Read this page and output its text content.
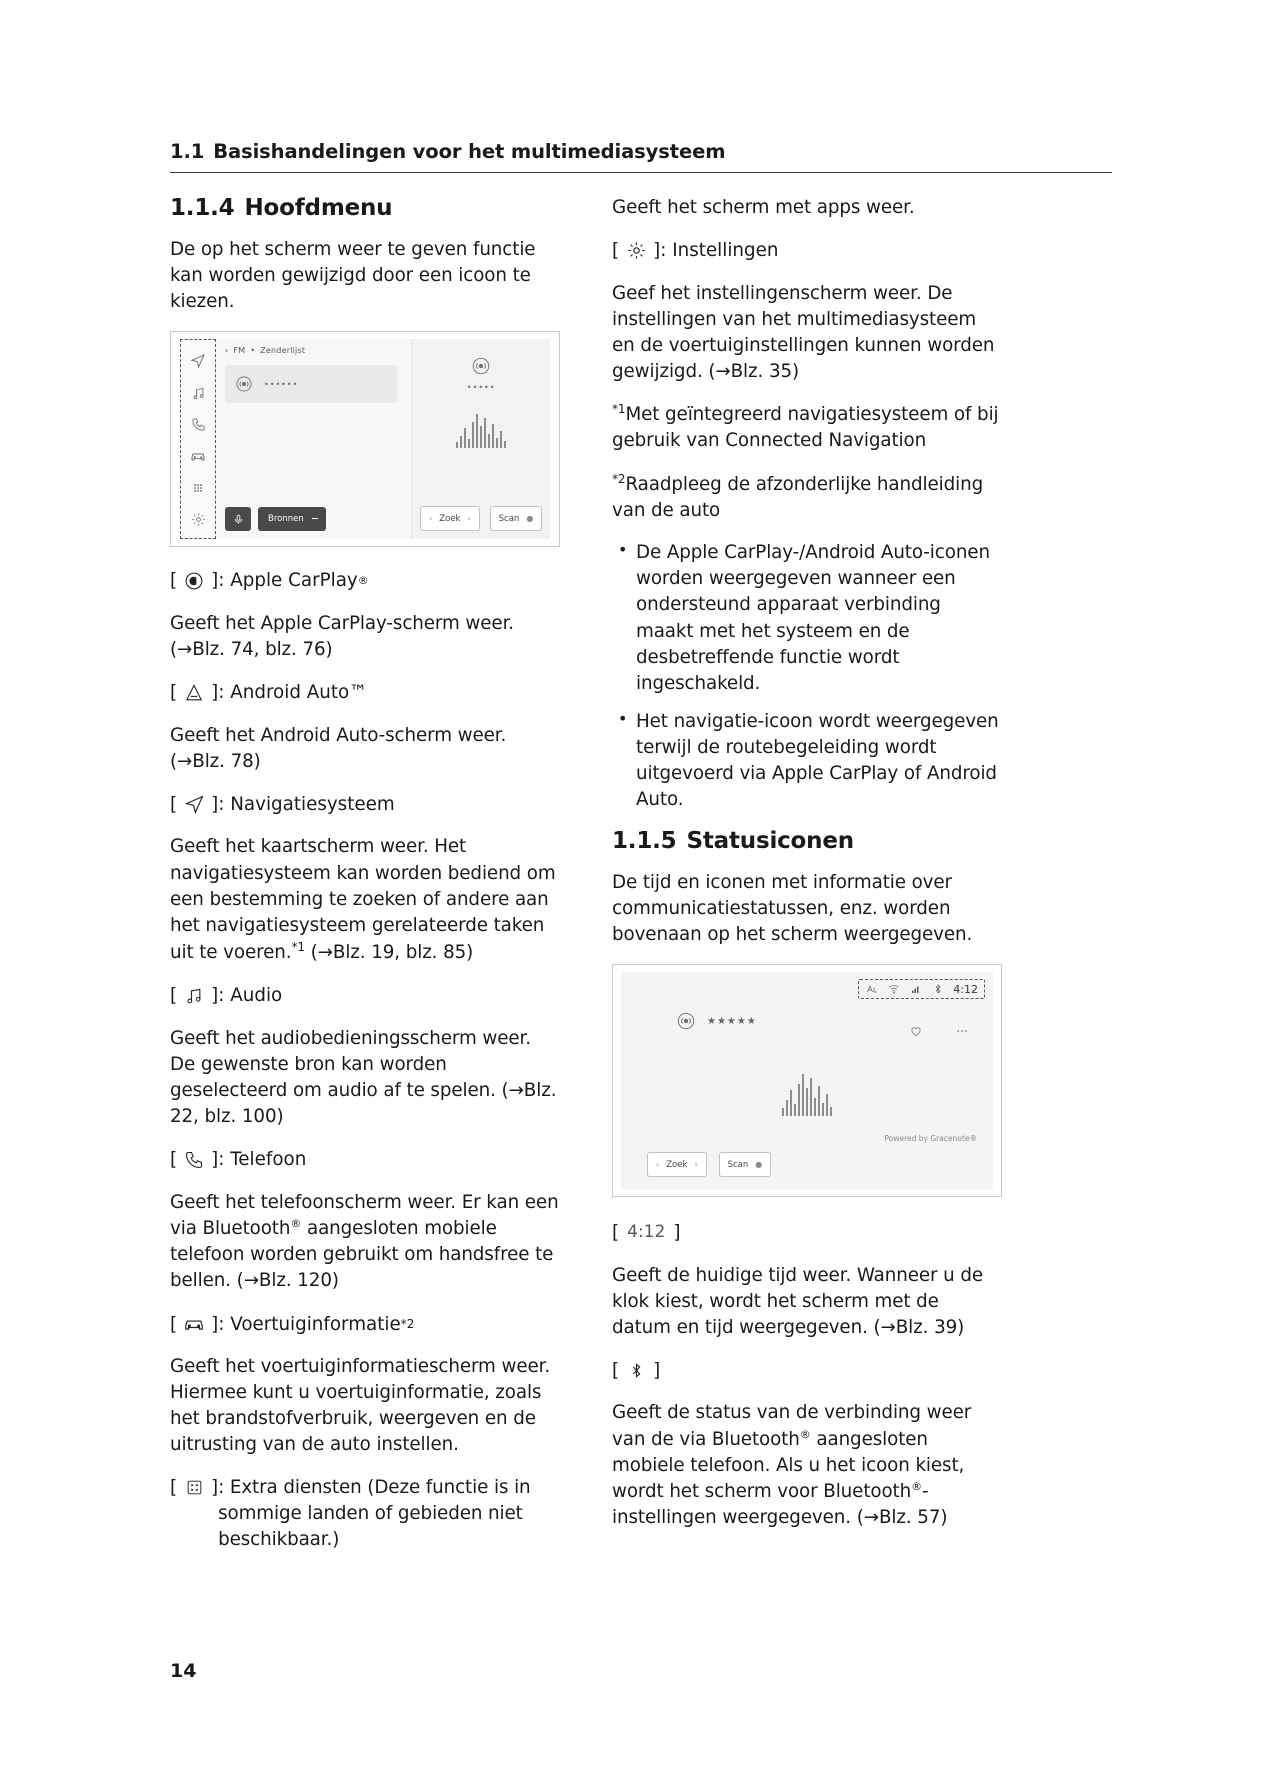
1.1 Basishandelingen voor het multimediasysteem
1.1.4 Hoofdmenu

De op het scherm weer te geven functie kan worden gewijzigd door een icoon te kiezen.

‹ FM • Zenderlijst
••••••
Bronnen
•••••
‹ Zoek ›	Scan ●
[ ] : Apple CarPlay ®

Geeft het Apple CarPlay-scherm weer. (→Blz. 74, blz. 76)

[ ] : Android Auto™

Geeft het Android Auto-scherm weer. (→Blz. 78)

[ ] : Navigatiesysteem

Geeft het kaartscherm weer. Het navigatiesysteem kan worden bediend om een bestemming te zoeken of andere aan het navigatiesysteem gerelateerde taken uit te voeren.$^{*1}$ (→Blz. 19, blz. 85)

[ ] : Audio

Geeft het audiobedieningsscherm weer. De gewenste bron kan worden geselecteerd om audio af te spelen. (→Blz. 22, blz. 100)

[ ] : Telefoon

Geeft het telefoonscherm weer. Er kan een via Bluetooth® aangesloten mobiele telefoon worden gebruikt om handsfree te bellen. (→Blz. 120)

[ ] : Voertuiginformatie *2

Geeft het voertuiginformatiescherm weer. Hiermee kunt u voertuiginformatie, zoals het brandstofverbruik, weergeven en de uitrusting van de auto instellen.

[ ] : Extra diensten (Deze functie is in sommige landen of gebieden niet beschikbaar.)

Geeft het scherm met apps weer.

[ ] : Instellingen

Geef het instellingenscherm weer. De instellingen van het multimediasysteem en de voertuiginstellingen kunnen worden gewijzigd. (→Blz. 35)

$^{*1}$Met geïntegreerd navigatiesysteem of bij gebruik van Connected Navigation

$^{*2}$Raadpleeg de afzonderlijke handleiding van de auto

• De Apple CarPlay-/Android Auto-iconen worden weergegeven wanneer een ondersteund apparaat verbinding maakt met het systeem en de desbetreffende functie wordt ingeschakeld.
• Het navigatie-icoon wordt weergegeven terwijl de routebegeleiding wordt uitgevoerd via Apple CarPlay of Android Auto.
1.1.5 Statusiconen

De tijd en iconen met informatie over communicatiestatussen, enz. worden bovenaan op het scherm weergegeven.

4:12
★★★★★
Powered by Gracenote®
‹ Zoek ›	Scan ●
[ 4:12 ]

Geeft de huidige tijd weer. Wanneer u de klok kiest, wordt het scherm met de datum en tijd weergegeven. (→Blz. 39)

[ ]

Geeft de status van de verbinding weer van de via Bluetooth® aangesloten mobiele telefoon. Als u het icoon kiest, wordt het scherm voor Bluetooth®-instellingen weergegeven. (→Blz. 57)

14
